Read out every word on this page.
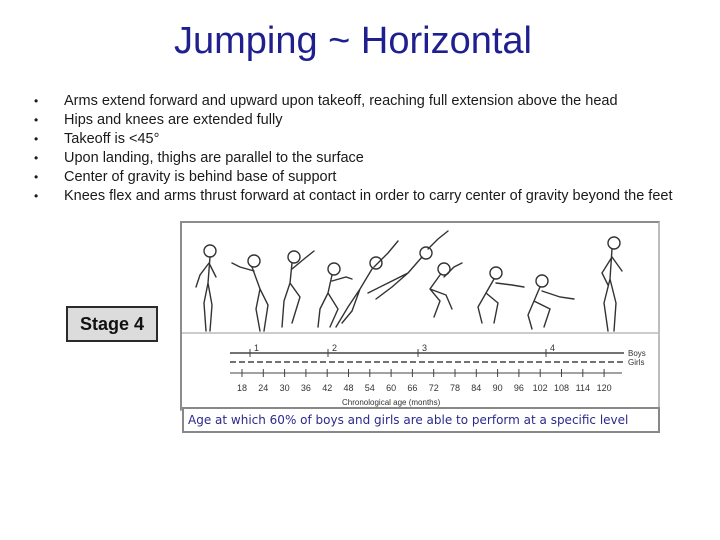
Jumping ~ Horizontal
• Arms extend forward and upward upon takeoff, reaching full extension above the head
• Hips and knees are extended fully
• Takeoff is <45°
• Upon landing, thighs are parallel to the surface
• Center of gravity is behind base of support
• Knees flex and arms thrust forward at contact in order to carry center of gravity beyond the feet
1	2	3	4
Boys
Girls
18 24 30 36 42 48 54 60 66 72 78 84 90 96 102 108 114 120
Chronological age (months)
Stage 4
Age at which 60% of boys and girls are able to perform at a specific level
